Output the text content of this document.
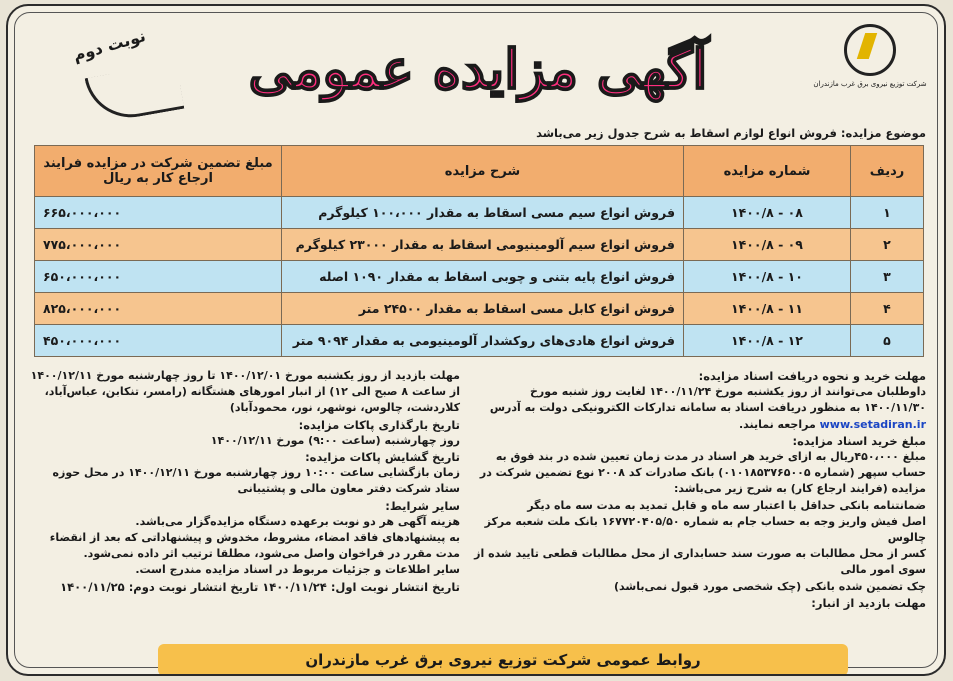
شرکت توزیع نیروی برق غرب مازندران
آگهی مزایده عمومی
نوبت دوم
موضوع مزایده: فروش انواع لوازم اسقاط به شرح جدول زیر می‌باشد
ردیف	شماره مزایده	شرح مزایده	مبلغ تضمین شرکت در مزایده فرایند ارجاع کار به ریال
۱	۰۸ - ۱۴۰۰/۸	فروش انواع سیم مسی اسقاط به مقدار ۱۰۰،۰۰۰ کیلوگرم	۶۶۵،۰۰۰،۰۰۰
۲	۰۹ - ۱۴۰۰/۸	فروش انواع سیم آلومینیومی اسقاط به مقدار ۲۳۰۰۰ کیلوگرم	۷۷۵،۰۰۰،۰۰۰
۳	۱۰ - ۱۴۰۰/۸	فروش انواع پایه بتنی و چوبی اسقاط به مقدار ۱۰۹۰ اصله	۶۵۰،۰۰۰،۰۰۰
۴	۱۱ - ۱۴۰۰/۸	فروش انواع کابل مسی اسقاط به مقدار ۲۴۵۰۰ متر	۸۲۵،۰۰۰،۰۰۰
۵	۱۲ - ۱۴۰۰/۸	فروش انواع هادی‌های روکشدار آلومینیومی به مقدار ۹۰۹۴ متر	۴۵۰،۰۰۰،۰۰۰

مهلت خرید و نحوه دریافت اسناد مزایده:

داوطلبان می‌توانند از روز یکشنبه مورخ ۱۴۰۰/۱۱/۲۴ لغایت روز شنبه مورخ ۱۴۰۰/۱۱/۳۰ به منظور دریافت اسناد به سامانه تدارکات الکترونیکی دولت به آدرس www.setadiran.ir مراجعه نمایند.

مبلغ خرید اسناد مزایده:

مبلغ ۴۵۰،۰۰۰ریال به ازای خرید هر اسناد در مدت زمان تعیین شده در بند فوق به حساب سپهر (شماره ۰۱۰۱۸۵۳۷۶۵۰۰۵) بانک صادرات کد ۲۰۰۸ نوع تضمین شرکت در مزایده (فرایند ارجاع کار) به شرح زیر می‌باشد:

ضمانتنامه بانکی حداقل با اعتبار سه ماه و قابل تمدید به مدت سه ماه دیگر

اصل فیش واریز وجه به حساب جام به شماره ۱۶۷۷۲۰۴۰۵/۵۰ بانک ملت شعبه مرکز چالوس

کسر از محل مطالبات به صورت سند حسابداری از محل مطالبات قطعی تایید شده از سوی امور مالی

چک تضمین شده بانکی (چک شخصی مورد قبول نمی‌باشد)

مهلت بازدید از انبار:

مهلت بازدید از روز یکشنبه مورخ ۱۴۰۰/۱۲/۰۱ تا روز چهارشنبه مورخ ۱۴۰۰/۱۲/۱۱ از ساعت ۸ صبح الی ۱۲) از انبار امورهای هشتگانه (رامسر، تنکابن، عباس‌آباد، کلاردشت، چالوس، نوشهر، نور، محمودآباد)

تاریخ بارگذاری پاکات مزایده:

روز چهارشنبه (ساعت ۹:۰۰) مورخ ۱۴۰۰/۱۲/۱۱

تاریخ گشایش پاکات مزایده:

زمان بازگشایی ساعت ۱۰:۰۰ روز چهارشنبه مورخ ۱۴۰۰/۱۲/۱۱ در محل حوزه ستاد شرکت دفتر معاون مالی و پشتیبانی

سایر شرایط:

هزینه آگهی هر دو نوبت برعهده دستگاه مزایده‌گزار می‌باشد.

به پیشنهادهای فاقد امضاء، مشروط، مخدوش و پیشنهاداتی که بعد از انقضاء مدت مقرر در فراخوان واصل می‌شود، مطلقا ترتیب اثر داده نمی‌شود.

سایر اطلاعات و جزئیات مربوط در اسناد مزایده مندرج است.

تاریخ انتشار نوبت اول: ۱۴۰۰/۱۱/۲۴ تاریخ انتشار نوبت دوم: ۱۴۰۰/۱۱/۲۵

روابط عمومی شرکت توزیع نیروی برق غرب مازندران
